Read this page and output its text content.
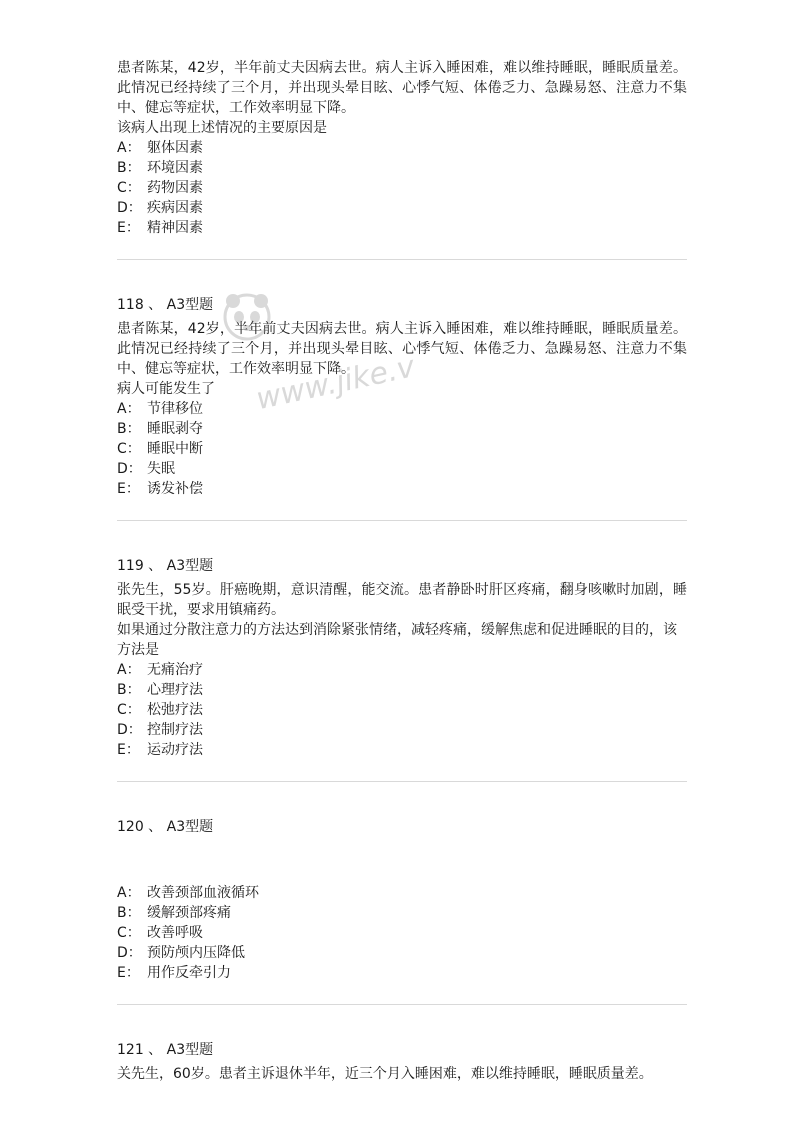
患者陈某，42岁，半年前丈夫因病去世。病人主诉入睡困难，难以维持睡眠，睡眠质量差。此情况已经持续了三个月，并出现头晕目眩、心悸气短、体倦乏力、急躁易怒、注意力不集中、健忘等症状，工作效率明显下降。
该病人出现上述情况的主要原因是
A： 躯体因素
B： 环境因素
C： 药物因素
D： 疾病因素
E： 精神因素
118 、 A3型题
患者陈某，42岁，半年前丈夫因病去世。病人主诉入睡困难，难以维持睡眠，睡眠质量差。此情况已经持续了三个月，并出现头晕目眩、心悸气短、体倦乏力、急躁易怒、注意力不集中、健忘等症状，工作效率明显下降。
病人可能发生了
A： 节律移位
B： 睡眠剥夺
C： 睡眠中断
D： 失眠
E： 诱发补偿
119 、 A3型题
张先生，55岁。肝癌晚期，意识清醒，能交流。患者静卧时肝区疼痛，翻身咳嗽时加剧，睡眠受干扰，要求用镇痛药。
如果通过分散注意力的方法达到消除紧张情绪，减轻疼痛，缓解焦虑和促进睡眠的目的，该方法是
A： 无痛治疗
B： 心理疗法
C： 松弛疗法
D： 控制疗法
E： 运动疗法
120 、 A3型题
A： 改善颈部血液循环
B： 缓解颈部疼痛
C： 改善呼吸
D： 预防颅内压降低
E： 用作反牵引力
121 、 A3型题
关先生，60岁。患者主诉退休半年，近三个月入睡困难，难以维持睡眠，睡眠质量差。
www.jike.vip
